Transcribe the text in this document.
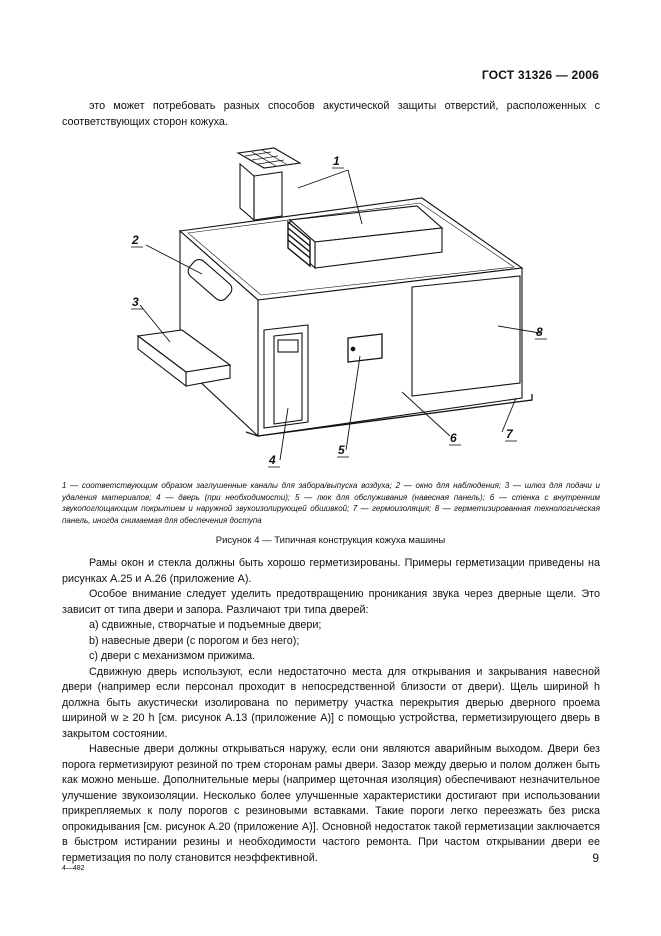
ГОСТ 31326 — 2006
это может потребовать разных способов акустической защиты отверстий, расположенных с соответствующих сторон кожуха.
1
2
3
4
5
6	7
8
1 — соответствующим образом заглушенные каналы для забора/выпуска воздуха; 2 — окно для наблюдения; 3 — шлюз для подачи и удаления материалов; 4 — дверь (при необходимости); 5 — люк для обслуживания (навесная панель); 6 — стенка с внутренним звукопоглощающим покрытием и наружной звукоизолирующей обшивкой; 7 — гермоизоляция; 8 — герметизированная технологическая панель, иногда снимаемая для обеспечения доступа
Рисунок 4 — Типичная конструкция кожуха машины

Рамы окон и стекла должны быть хорошо герметизированы. Примеры герметизации приведены на рисунках А.25 и А.26 (приложение А).

Особое внимание следует уделить предотвращению проникания звука через дверные щели. Это зависит от типа двери и запора. Различают три типа дверей:

а) сдвижные, створчатые и подъемные двери;

b) навесные двери (с порогом и без него);

с) двери с механизмом прижима.

Сдвижную дверь используют, если недостаточно места для открывания и закрывания навесной двери (например если персонал проходит в непосредственной близости от двери). Щель шириной h должна быть акустически изолирована по периметру участка перекрытия дверью дверного проема шириной w ≥ 20 h [см. рисунок А.13 (приложение А)] с помощью устройства, герметизирующего дверь в закрытом состоянии.

Навесные двери должны открываться наружу, если они являются аварийным выходом. Двери без порога герметизируют резиной по трем сторонам рамы двери. Зазор между дверью и полом должен быть как можно меньше. Дополнительные меры (например щеточная изоляция) обеспечивают незначительное улучшение звукоизоляции. Несколько более улучшенные характеристики достигают при использовании прикрепляемых к полу порогов с резиновыми вставками. Такие пороги легко переезжать без риска опрокидывания [см. рисунок А.20 (приложение А)]. Основной недостаток такой герметизации заключается в быстром истирании резины и необходимости частого ремонта. При частом открывании двери ее герметизация по полу становится неэффективной.

4—482
9
